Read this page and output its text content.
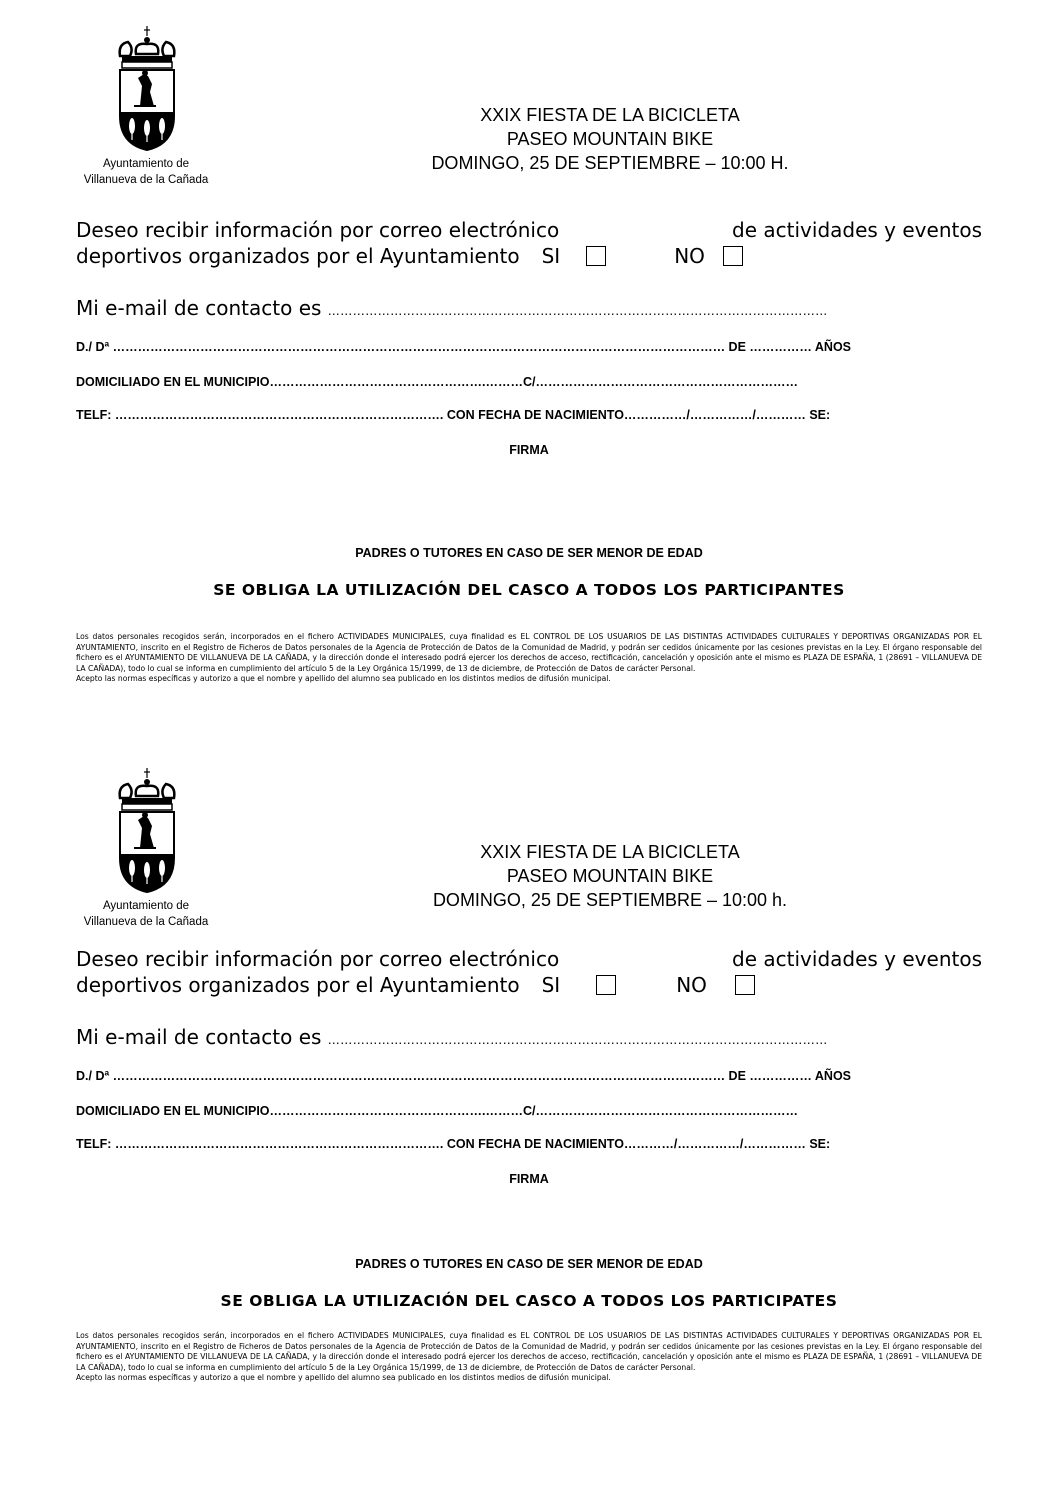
Ayuntamiento de
Villanueva de la Cañada
XXIX FIESTA DE LA BICICLETA
PASEO MOUNTAIN BIKE
DOMINGO, 25 DE SEPTIEMBRE – 10:00 H.
Deseo recibir información por correo electrónico	de actividades y eventos
deportivos organizados por el Ayuntamiento SI	NO
Mi e-mail de contacto es …………………………………………………………………………………………………………
D./ Dª ………………………………………………………………………………………………………………………………… DE …………… AÑOS
DOMICILIADO EN EL MUNICIPIO…………………………………………….………C/………………………………………………………
TELF: ……………………………………………………………………. CON FECHA DE NACIMIENTO……………/……………/………… SE:
FIRMA
PADRES O TUTORES EN CASO DE SER MENOR DE EDAD
SE OBLIGA LA UTILIZACIÓN DEL CASCO A TODOS LOS PARTICIPANTES

Los datos personales recogidos serán, incorporados en el fichero ACTIVIDADES MUNICIPALES, cuya finalidad es EL CONTROL DE LOS USUARIOS DE LAS DISTINTAS ACTIVIDADES CULTURALES Y DEPORTIVAS ORGANIZADAS POR EL AYUNTAMIENTO, inscrito en el Registro de Ficheros de Datos personales de la Agencia de Protección de Datos de la Comunidad de Madrid, y podrán ser cedidos únicamente por las cesiones previstas en la Ley. El órgano responsable del fichero es el AYUNTAMIENTO DE VILLANUEVA DE LA CAÑADA, y la dirección donde el interesado podrá ejercer los derechos de acceso, rectificación, cancelación y oposición ante el mismo es PLAZA DE ESPAÑA, 1 (28691 – VILLANUEVA DE LA CAÑADA), todo lo cual se informa en cumplimiento del artículo 5 de la Ley Orgánica 15/1999, de 13 de diciembre, de Protección de Datos de carácter Personal.

Acepto las normas específicas y autorizo a que el nombre y apellido del alumno sea publicado en los distintos medios de difusión municipal.

Ayuntamiento de
Villanueva de la Cañada
XXIX FIESTA DE LA BICICLETA
PASEO MOUNTAIN BIKE
DOMINGO, 25 DE SEPTIEMBRE – 10:00 h.
Deseo recibir información por correo electrónico	de actividades y eventos
deportivos organizados por el Ayuntamiento SI	NO
Mi e-mail de contacto es …………………………………………………………………………………………………………
D./ Dª ………………………………………………………………………………………………………………………………… DE …………… AÑOS
DOMICILIADO EN EL MUNICIPIO…………………………………………….………C/………………………………………………………
TELF: ……………………………………………………………………. CON FECHA DE NACIMIENTO…………/……………/…………… SE:
FIRMA
PADRES O TUTORES EN CASO DE SER MENOR DE EDAD
SE OBLIGA LA UTILIZACIÓN DEL CASCO A TODOS LOS PARTICIPATES

Los datos personales recogidos serán, incorporados en el fichero ACTIVIDADES MUNICIPALES, cuya finalidad es EL CONTROL DE LOS USUARIOS DE LAS DISTINTAS ACTIVIDADES CULTURALES Y DEPORTIVAS ORGANIZADAS POR EL AYUNTAMIENTO, inscrito en el Registro de Ficheros de Datos personales de la Agencia de Protección de Datos de la Comunidad de Madrid, y podrán ser cedidos únicamente por las cesiones previstas en la Ley. El órgano responsable del fichero es el AYUNTAMIENTO DE VILLANUEVA DE LA CAÑADA, y la dirección donde el interesado podrá ejercer los derechos de acceso, rectificación, cancelación y oposición ante el mismo es PLAZA DE ESPAÑA, 1 (28691 – VILLANUEVA DE LA CAÑADA), todo lo cual se informa en cumplimiento del artículo 5 de la Ley Orgánica 15/1999, de 13 de diciembre, de Protección de Datos de carácter Personal.

Acepto las normas específicas y autorizo a que el nombre y apellido del alumno sea publicado en los distintos medios de difusión municipal.
